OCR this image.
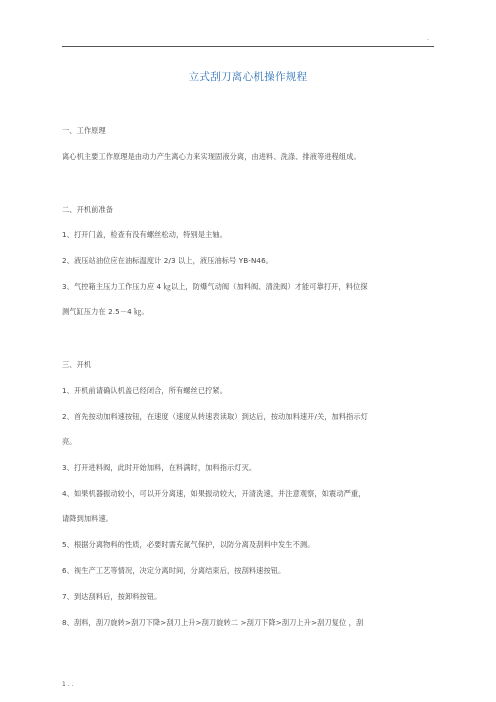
.
立式刮刀离心机操作规程
一、工作原理
离心机主要工作原理是由动力产生离心力来实现固液分离，由进料、洗涤、排液等进程组成。
二、开机前准备
1、打开门盖，检查有没有螺丝松动，特别是主轴。
2、液压站油位应在油标温度计 2/3 以上，液压油标号 YB-N46。
3、气控箱主压力工作压力应 4 ㎏以上，防爆气动阀（加料阀、清洗阀）才能可靠打开，料位探
测气缸压力在 2.5－4 ㎏。
三、开机
1、开机前请确认机盖已经闭合，所有螺丝已拧紧。
2、首先按动加料速按钮，在速度（速度从转速表读取）到达后，按动加料速开/关，加料指示灯
亮。
3、打开进料阀，此时开始加料，在料满时，加料指示灯灭。
4、如果机器振动较小，可以开分离速，如果振动较大，开清洗速，并注意观察，如震动严重，
请降到加料速。
5、根据分离物料的性质，必要时需充氮气保护，以防分离及刮料中发生不测。
6、视生产工艺等情况，决定分离时间，分离结束后，按刮料速按钮。
7、到达刮料后，按卸料按钮。
8、刮料，刮刀旋转>刮刀下降>刮刀上升>刮刀旋转二 >刮刀下降>刮刀上升>刮刀复位 ，刮
1 . .
